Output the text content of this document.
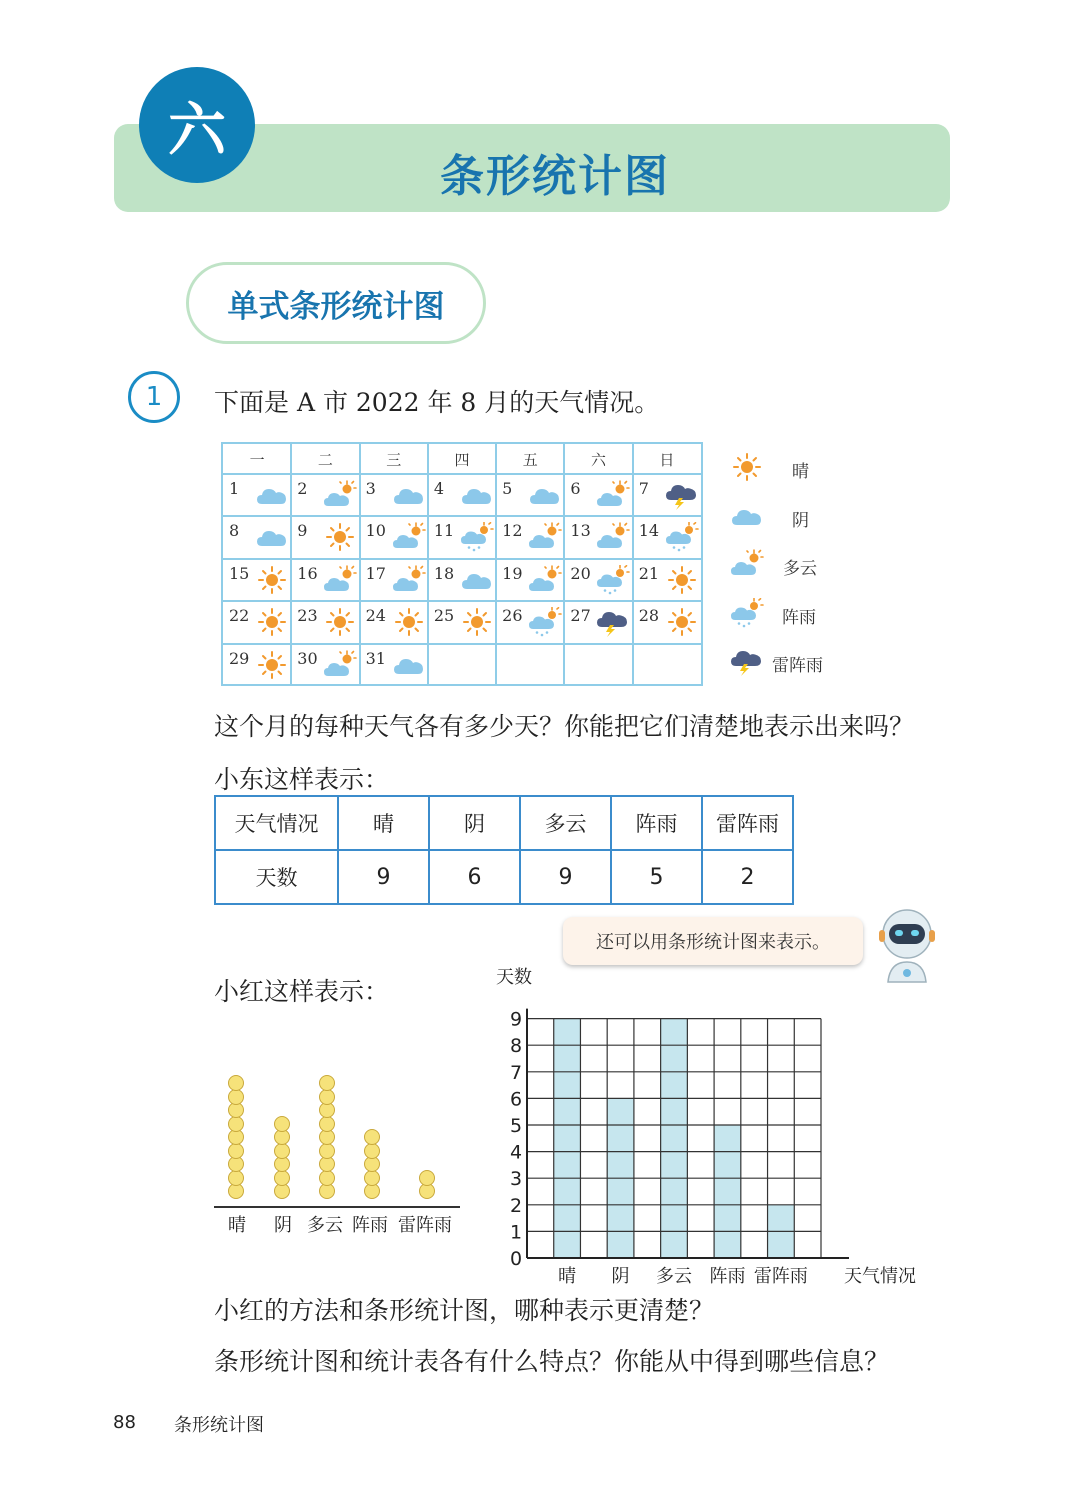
六
条形统计图
单式条形统计图
1	下面是 A 市 2022 年 8 月的天气情况。
一	二	三	四	五	六	日
1	2	3	4	5	6	7
8	9	10	11	12	13	14
15	16	17	18	19	20	21
22	23	24	25	26	27	28
29	30	31
晴
阴
多云
阵雨
雷阵雨
这个月的每种天气各有多少天？你能把它们清楚地表示出来吗？
小东这样表示：
天气情况	晴	阴	多云	阵雨	雷阵雨
天数	9	6	9	5	2
还可以用条形统计图来表示。
小红这样表示：
晴 阴 多云 阵雨 雷阵雨
0
1
2
3
4
5
6
7
8
9
天数
晴 阴 多云 阵雨 雷阵雨 天气情况
小红的方法和条形统计图，哪种表示更清楚？
条形统计图和统计表各有什么特点？你能从中得到哪些信息？
88 条形统计图
